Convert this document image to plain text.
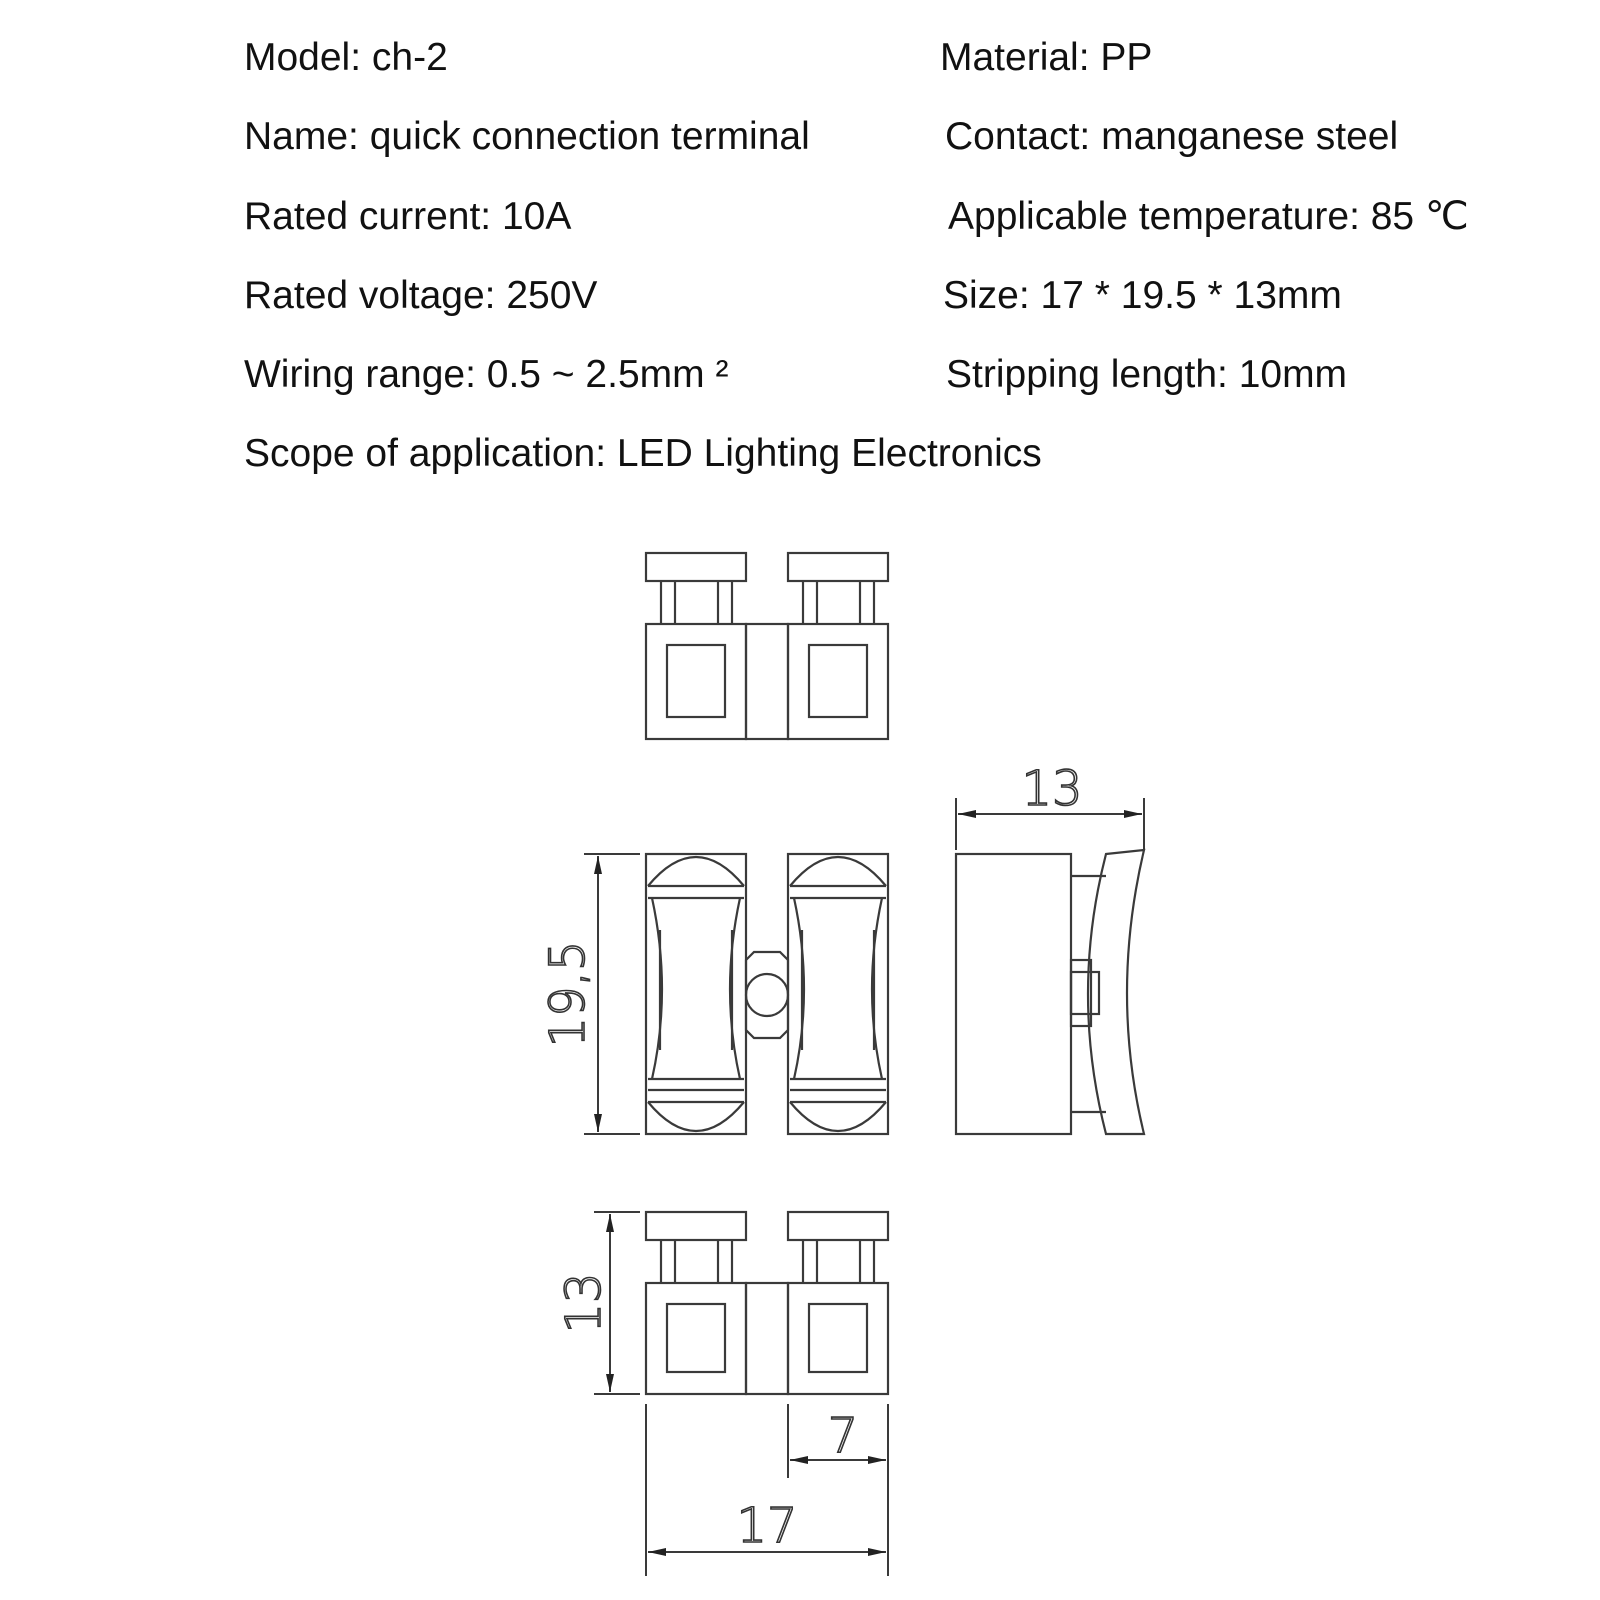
Model: ch-2	Material: PP
Name: quick connection terminal	Contact: manganese steel
Rated current: 10A	Applicable temperature: 85 ℃
Rated voltage: 250V	Size: 17 * 19.5 * 13mm
Wiring range: 0.5 ~ 2.5mm ²	Stripping length: 10mm
Scope of application: LED Lighting Electronics
19,5
13
13
7
17
